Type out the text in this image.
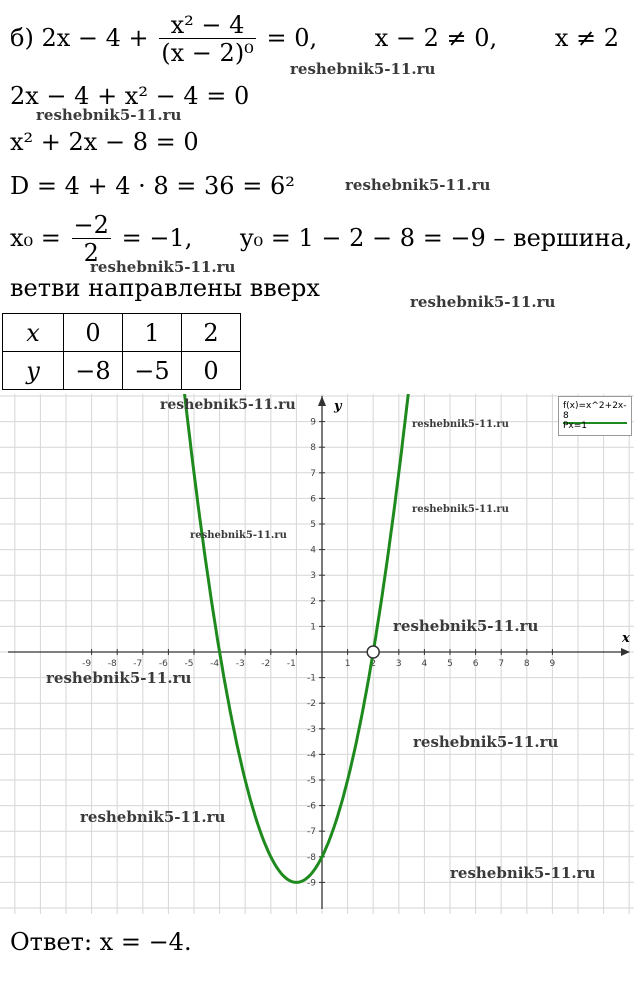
б) $2x - 4 + \frac{\text{x² − 4}}{\text{(x − 2)⁰}} = 0$, x − 2 ≠ 0, x ≠ 2
2x − 4 + x² − 4 = 0
x² + 2x − 8 = 0
D = 4 + 4 · 8 = 36 = 6²
$x_0 = \frac{-2}{2} = -1$, y₀ = 1 − 2 − 8 = −9 – вершина,
ветви направлены вверх
x	0	1	2
y	−8	−5	0
-9 -8 -7 -6 -5 -4 -3 -2 -1	1 2 3 4 5 6 7 8 9
9
8
7
6
5
4
3
2
1
-1
-2
-3
-4
-5
-6
-7
-8
-9
x
y	f(x)=x^2+2x-8
Px=1
reshebnik5-11.ru
reshebnik5-11.ru
reshebnik5-11.ru
reshebnik5-11.ru
reshebnik5-11.ru
reshebnik5-11.ru
reshebnik5-11.ru
reshebnik5-11.ru
reshebnik5-11.ru
reshebnik5-11.ru
reshebnik5-11.ru
reshebnik5-11.ru
reshebnik5-11.ru
reshebnik5-11.ru
Ответ: x = −4.
